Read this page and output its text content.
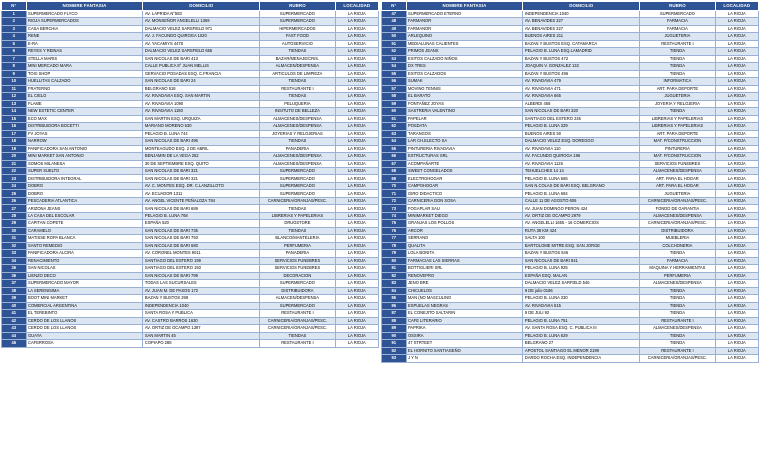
N°	NOMBRE FANTASIA	DOMICILIO	RUBRO	LOCALIDAD
1	SUPERMERCADO FLYCO	AV. LAPRIDA N°583	SUPERMERCADO	LA RIOJA
2	RIOJA SUPERMERCADOS	AV. MONSEÑOR ANGELELLI 1369	SUPERMERCADO	LA RIOJA
3	CASA BERCHIA	DALMACIO VELEZ SARSFIELD 971	HIPERMERCADOS	LA RIOJA
4	RENE	AV. J. FACUNDO QUIROGA 1020	FAST FOOD	LA RIOJA
5	E-RA	AV. YACAMIYS 4478	AUTOSERVICIO	LA RIOJA
6	REYES Y REINAS	DALMACIO VELEZ SARSFIELD 656	TIENDAS	LA RIOJA
7	STELLA MARIS	SAN NICOLAS DE BARI 413	BAZAR/MENAJE/CRIS.	LA RIOJA
8	MINI MERCADO MARA	CALLE PUBLICA 8° JUAN MELLIS	ALMACEN/DESPENSA	LA RIOJA
9	TOXI SHOP	GERVACIO POSADAS ESQ. C.FRANCIA	ARTICULOS DE LIMPIEZA	LA RIOJA
10	HUELLITAS CALZADO	SAN NICOLAS DE BARI 24	TIENDAS	LA RIOJA
11	FRATERNO	BELGRANO 518	RESTAURANTE I	LA RIOJA
12	EL CIELO	AV. RIVADAVIA ESQ. SAN MARTIN	TIENDAS	LA RIOJA
13	FLAME	AV. RIVADAVIA 1090	PELUQUERIA	LA RIOJA
14	NEW ESTETIC CENTER	AV. RIVADAVIA 1180	INSITUTO DE BELLEZA	LA RIOJA
15	ECO MAX	SAN MARTIN ESQ. URQUIZA	ALMACENES/DESPENSA	LA RIOJA
16	DISTRIBUIDORA BOCETTI	MARIANO MORENO 530	ALMACENES/DESPENSA	LA RIOJA
17	FV JOYAS	PELAGIO B. LUNA 744	JOYERIAS Y RELOJERIAS	LA RIOJA
18	NARROW	SAN NICOLAS DE BARI 496	TIENDAS	LA RIOJA
19	PANIFICADORA SAN ANTONIO	MONTEAGUDO ESQ. 2 DE ABRIL	PANADERIA	LA RIOJA
20	MINI MARKET SAN ANTONIO	BENJAMIN DE LA VEGA 252	ALMACENES/DESPENSA	LA RIOJA
21	SOMOS MILANESA	30 DE SEPTIEMBRE ESQ. QUITO	ALMACENES/DESPENSA	LA RIOJA
22	SUPER SUELTO	SAN NICOLAS DE BARI 321	SUPERMERCADO	LA RIOJA
23	DISTRIBUIDORA INTEGRAL	SAN NICOLAS DE BARI 321	SUPERMERCADO	LA RIOJA
24	DOBRO	AV. C. MONTES ESQ. DR. C.LANZILLOTO	SUPERMERCADO	LA RIOJA
25	DOBRO	AV. ECUADOR 1311	SUPERMERCADO	LA RIOJA
26	PESCADERIA ATLANTICA	AV. ANGEL VICENTE PEÑALOZA 784	CARNICERIA/GRANJAS/PESC.	LA RIOJA
27	ARIZONA JEANS	SAN NICOLAS DE BARI 689	TIENDAS	LA RIOJA
28	LA CASA DEL ESCOLAR	PELAGIO B. LUNA 768	LIBRERIAS Y PAPELERIAS	LA RIOJA
29	CAPITAN COPETE	ESPAÑA 520	DRUGSTORE	LA RIOJA
30	CARAMELO	SAN NICOLAS DE BARI 735	TIENDAS	LA RIOJA
31	MATISSE ROPA BLANCA	SAN NICOLAS DE BARI 793	BLANCO/MANTELERIA	LA RIOJA
32	SANTO REMEDIO	SAN NICOLAS DE BARI 680	PERFUMERIA	LA RIOJA
33	PANIFICADORA ALCIRA	AV. CORONEL MONTES 9011	PANADERIA	LA RIOJA
34	RENACIMIENTO	SANTIAGO DEL ESTERO 199	SERVICIOS FUNEBRES	LA RIOJA
35	SAN NICOLAS	SANTIAGO DEL ESTERO 193	SERVICIOS FUNEBRES	LA RIOJA
36	LIENZO DECO	SAN NICOLAS DE BARI 799	DECORACION	LA RIOJA
37	SUPERMERCADO MAYOR	TODAS LAS SUCURSALES	SUPERMERCADO	LA RIOJA
38	LA SERENISIMA	AV. JUAN M. DE PASOS 172	DISTRIBUIDORA	LA RIOJA
39	BOOT MINI MARKET	BAZAN Y BUSTOS 299	ALMACEN/DESPENSA	LA RIOJA
40	COMERCIAL ARGENTINA	INDEPENDENCIA 1040	SUPERMERCADO	LA RIOJA
41	EL TEREBINTO	SANTA ROSA Y PUBLICA	RESTAURANTE I	LA RIOJA
42	CERDO DE LOS LLANOS	AV. CASTRO BARROS 1630	CARNICERIA/GRANJAS/PESC.	LA RIOJA
43	CERDO DE LOS LLANOS	AV. ORTIZ DE OCAMPO 1397	CARNICERIA/GRANJAS/PESC.	LA RIOJA
44	GUAYA	SAN MARTIN 45	TIENDAS	LA RIOJA
45	CAFERROSA	COPIAPO 288	RESTAURANTE I	LA RIOJA
N°	NOMBRE FANTASIA	DOMICILIO	RUBRO	LOCALIDAD
47	SUPERMERCADO ETERNO	INDEPENDENCIA 1040	SUPERMERCADO	LA RIOJA
48	FARMANOR	AV. BENAVIDES 327	FARMACIA	LA RIOJA
49	FARMANOR	AV. BENAVIDES 327	FARMACIA	LA RIOJA
50	ARLEQUINO	BUENOS AIRES 211	JUGUETERIA	LA RIOJA
51	MEDIALUNAS CALIENTES	BAZAN Y BUSTOS ESQ. CATAMARCA	RESTAURANTE I	LA RIOJA
52	PRIMOS JEANS	PELAGIO B. LUNA ESQ.LAMADRID	TIENDA	LA RIOJA
53	EXITOS CALZADO NIÑOS	BAZAN Y BUSTOS 472	TIENDA	LA RIOJA
54	DX TRES	JOAQUIN V. GONZALEZ 132	TIENDA	LA RIOJA
55	EXITOS CALZADOS	BAZAN Y BUSTOS 496	TIENDA	LA RIOJA
56	SUMAK	AV. RIVADAVIA 479	INFORMATICA	LA RIOJA
57	MOVING TENNIS	AV. RIVADAVIA 471	ART. PARA DEPORTE	LA RIOJA
58	EL BARATO	AV. RIVADAVIA 665	JUGUETERIA	LA RIOJA
59	FONTAÑEZ JOYAS	ALBERDI 458	JOYERIA Y RELOJERIA	LA RIOJA
60	SASTRERIA VALENTINO	SAN NICOLAS DE BARI 320	TIENDA	LA RIOJA
61	PAPELAR	SANTIAGO DEL ESTERO 245	LIBRERIAS Y PAPELERIAS	LA RIOJA
62	POSDATA	PELAGIO B. LUNA 329	LIBRERIAS Y PAPELERIAS	LA RIOJA
63	TARANGOS	BUENOS AIRES 50	ART. PARA DEPORTE	LA RIOJA
64	LAR CH.ELECTO SA	DALMACIO VELEZ ESQ. DOREGGO	MAT. P/CONSTRUCCION	LA RIOJA
65	PINTURERIA RIVADAVIA	AV. RIVADAVIA 110	PINTURERIA	LA RIOJA
66	ESTRUCTURAS SRL	AV. FACUNDO QUIROGA 196	MAT. P/CONSTRUCCION	LA RIOJA
67	ACOMPAÑARTE	AV. RIVADAVIA 1126	SERVICIOS FUNEBRES	LA RIOJA
68	SWEET CONGELADOS	TEHUELCHES 14 14	ALMACENES/DESPENSA	LA RIOJA
69	ELECTROHOGAR	PELAGIO B. LUNA 665	ART. PARA EL HOGAR	LA RIOJA
70	CAMPOHOGAR	SAN N.COLAS DE BARI ESQ. BELGRANO	ART. PARA EL HOGAR	LA RIOJA
71	GIRO DIDACTICO	PELAGIO B. LUNA 684	JUGUETERIA	LA RIOJA
72	CARNICERIA DON SOSA	CALLE 11 DE AGOSTO 606	CARNICERIA/GRANJAS/PESC.	LA RIOJA
73	FOGAPLAR SAU	AV. JUAN DOMINGO PERON 424	FONDO DE GARANTIA	LA RIOJA
74	MINIMARKET DIEGO	AV. ORTIZ DE OCAMPO 2979	ALMACENES/DESPENSA	LA RIOJA
75	GRANJAS LOS POLLOS	AV. ANGELELLI 1655 - 16 COMERCIOS	CARNICERIA/GRANJAS/PESC.	LA RIOJA
76	ARCOR	RUTA 38 KM 424	DISTRIBUIDORA	LA RIOJA
77	SERRANO	SALTA 100	MUEBLERIA	LA RIOJA
78	QUALITA	BARTOLOME MITRE ESQ. SAN JORGE	COLCHONERIA	LA RIOJA
79	LOLA BONITA	BAZAN Y BUSTOS 546	TIENDA	LA RIOJA
80	FARMACIAS LAS SIERRAS	SAN NICOLAS DE BARI 841	FARMACIA	LA RIOJA
81	BOTTIGLIERI SRL	PELAGIO B. LUNA 925	MAQUINA Y HERRAMIENTAS	LA RIOJA
82	RENOVEPRO	ESPAÑA ESQ. MALAN	PERFUMERIA	LA RIOJA
83	JENO BRE	DALMACIO VELEZ SARFIELD 546	ALMACENES/DESPENSA	LA RIOJA
84	CHICUELOS	9 DE julio 0186	TIENDA	LA RIOJA
85	MAN (NO MASCULINO	PELAGIO B. LUNA 330	TIENDA	LA RIOJA
86	ESPUELAS NEGRAS	AV. RIVADAVIA 515	TIENDA	LA RIOJA
87	EL CONEJITO SALTARIN	9 DE JULI 92	TIENDA	LA RIOJA
88	CAFE LITERARIO	PELAGIO B. LUNA 751	RESTAURANTE I	LA RIOJA
89	PAPRIKA	AV. SANTA ROSA ESQ. C. PUBLICA III	ALMACENES/DESPENSA	LA RIOJA
90	OSSIRA	PELAGIO B. LUNA 629	TIENDA	LA RIOJA
91	47 STRTEET	BELGRANO 27	TIENDA	LA RIOJA
92	EL HORNITO SANTIAGEÑO	APOSTOL SANTIAGO EL MENOR 2199	RESTAURANTE I	LA RIOJA
93	J Y N	DARDO ROCHA ESQ. INDEPENDENCIA	CARNICERIA/GRANJAS/PESC.	LA RIOJA
